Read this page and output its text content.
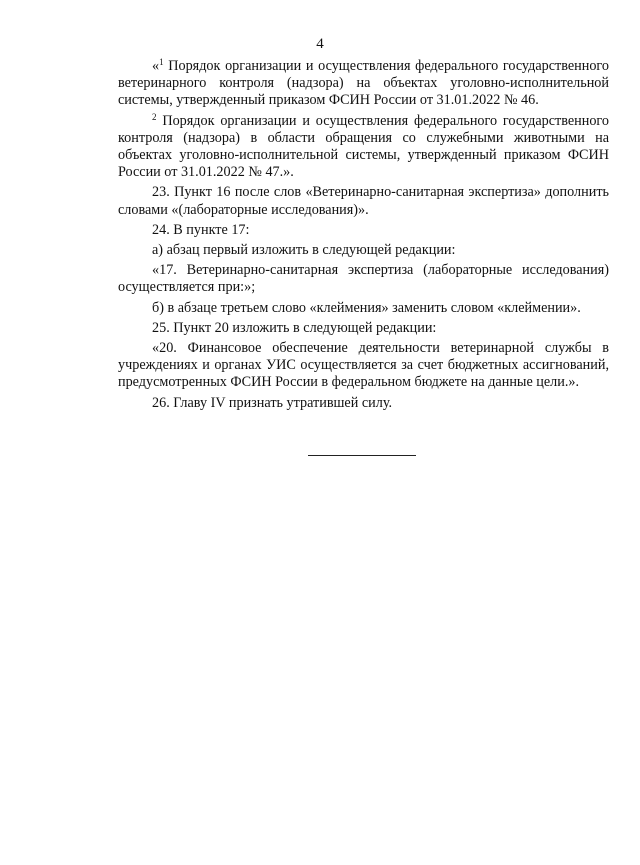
4

«$^1$ Порядок организации и осуществления федерального государственного ветеринарного контроля (надзора) на объектах уголовно-исполнительной системы, утвержденный приказом ФСИН России от 31.01.2022 № 46.

$^2$ Порядок организации и осуществления федерального государственного контроля (надзора) в области обращения со служебными животными на объектах уголовно-исполнительной системы, утвержденный приказом ФСИН России от 31.01.2022 № 47.».

23. Пункт 16 после слов «Ветеринарно-санитарная экспертиза» дополнить словами «(лабораторные исследования)».

24. В пункте 17:

а) абзац первый изложить в следующей редакции:

«17. Ветеринарно-санитарная экспертиза (лабораторные исследования) осуществляется при:»;

б) в абзаце третьем слово «клеймения» заменить словом «клеймении».

25. Пункт 20 изложить в следующей редакции:

«20. Финансовое обеспечение деятельности ветеринарной службы в учреждениях и органах УИС осуществляется за счет бюджетных ассигнований, предусмотренных ФСИН России в федеральном бюджете на данные цели.».

26. Главу IV признать утратившей силу.
